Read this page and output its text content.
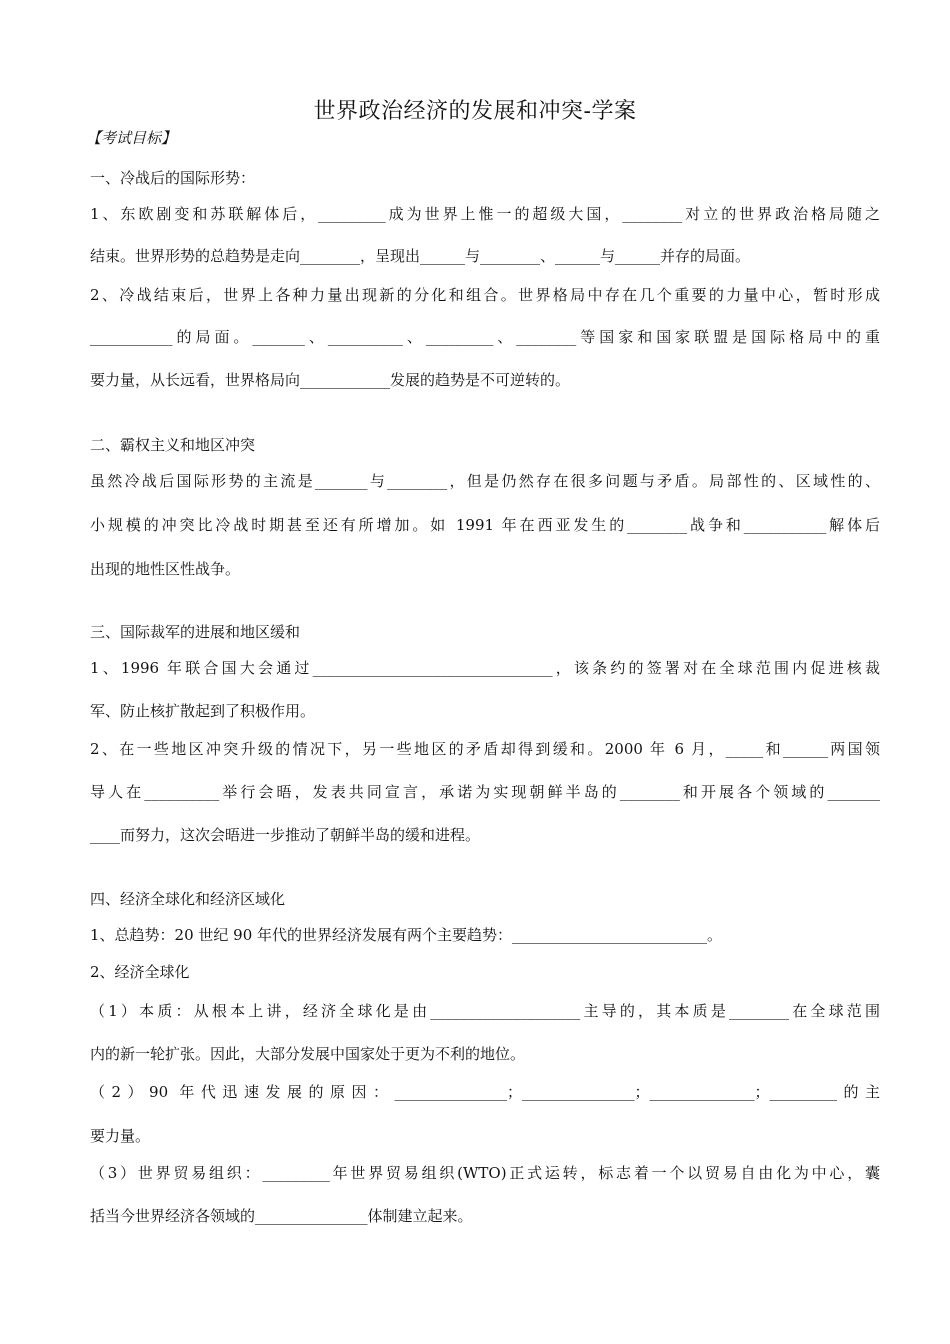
世界政治经济的发展和冲突-学案
【考试目标】
一、冷战后的国际形势：
1、东欧剧变和苏联解体后，_________成为世界上惟一的超级大国，________对立的世界政治格局随之
结束。世界形势的总趋势是走向________，呈现出______与________、______与______并存的局面。
2、冷战结束后，世界上各种力量出现新的分化和组合。世界格局中存在几个重要的力量中心，暂时形成
___________的局面。_______、__________、_________、________等国家和国家联盟是国际格局中的重
要力量，从长远看，世界格局向____________发展的趋势是不可逆转的。
二、霸权主义和地区冲突
虽然冷战后国际形势的主流是_______与________，但是仍然存在很多问题与矛盾。局部性的、区域性的、
小规模的冲突比冷战时期甚至还有所增加。如 1991 年在西亚发生的________战争和___________解体后
出现的地性区性战争。
三、国际裁军的进展和地区缓和
1、1996 年联合国大会通过________________________________，该条约的签署对在全球范围内促进核裁
军、防止核扩散起到了积极作用。
2、在一些地区冲突升级的情况下，另一些地区的矛盾却得到缓和。2000 年 6 月，_____和______两国领
导人在__________举行会晤，发表共同宣言，承诺为实现朝鲜半岛的________和开展各个领域的_______
____而努力，这次会晤进一步推动了朝鲜半岛的缓和进程。
四、经济全球化和经济区域化
1、总趋势：20 世纪 90 年代的世界经济发展有两个主要趋势：__________________________。
2、经济全球化
（1）本质：从根本上讲，经济全球化是由____________________主导的，其本质是________在全球范围
内的新一轮扩张。因此，大部分发展中国家处于更为不利的地位。
（2）90 年代迅速发展的原因：_______________；_______________；______________；_________的主
要力量。
（3）世界贸易组织：_________年世界贸易组织(WTO)正式运转，标志着一个以贸易自由化为中心，囊
括当今世界经济各领域的_______________体制建立起来。
